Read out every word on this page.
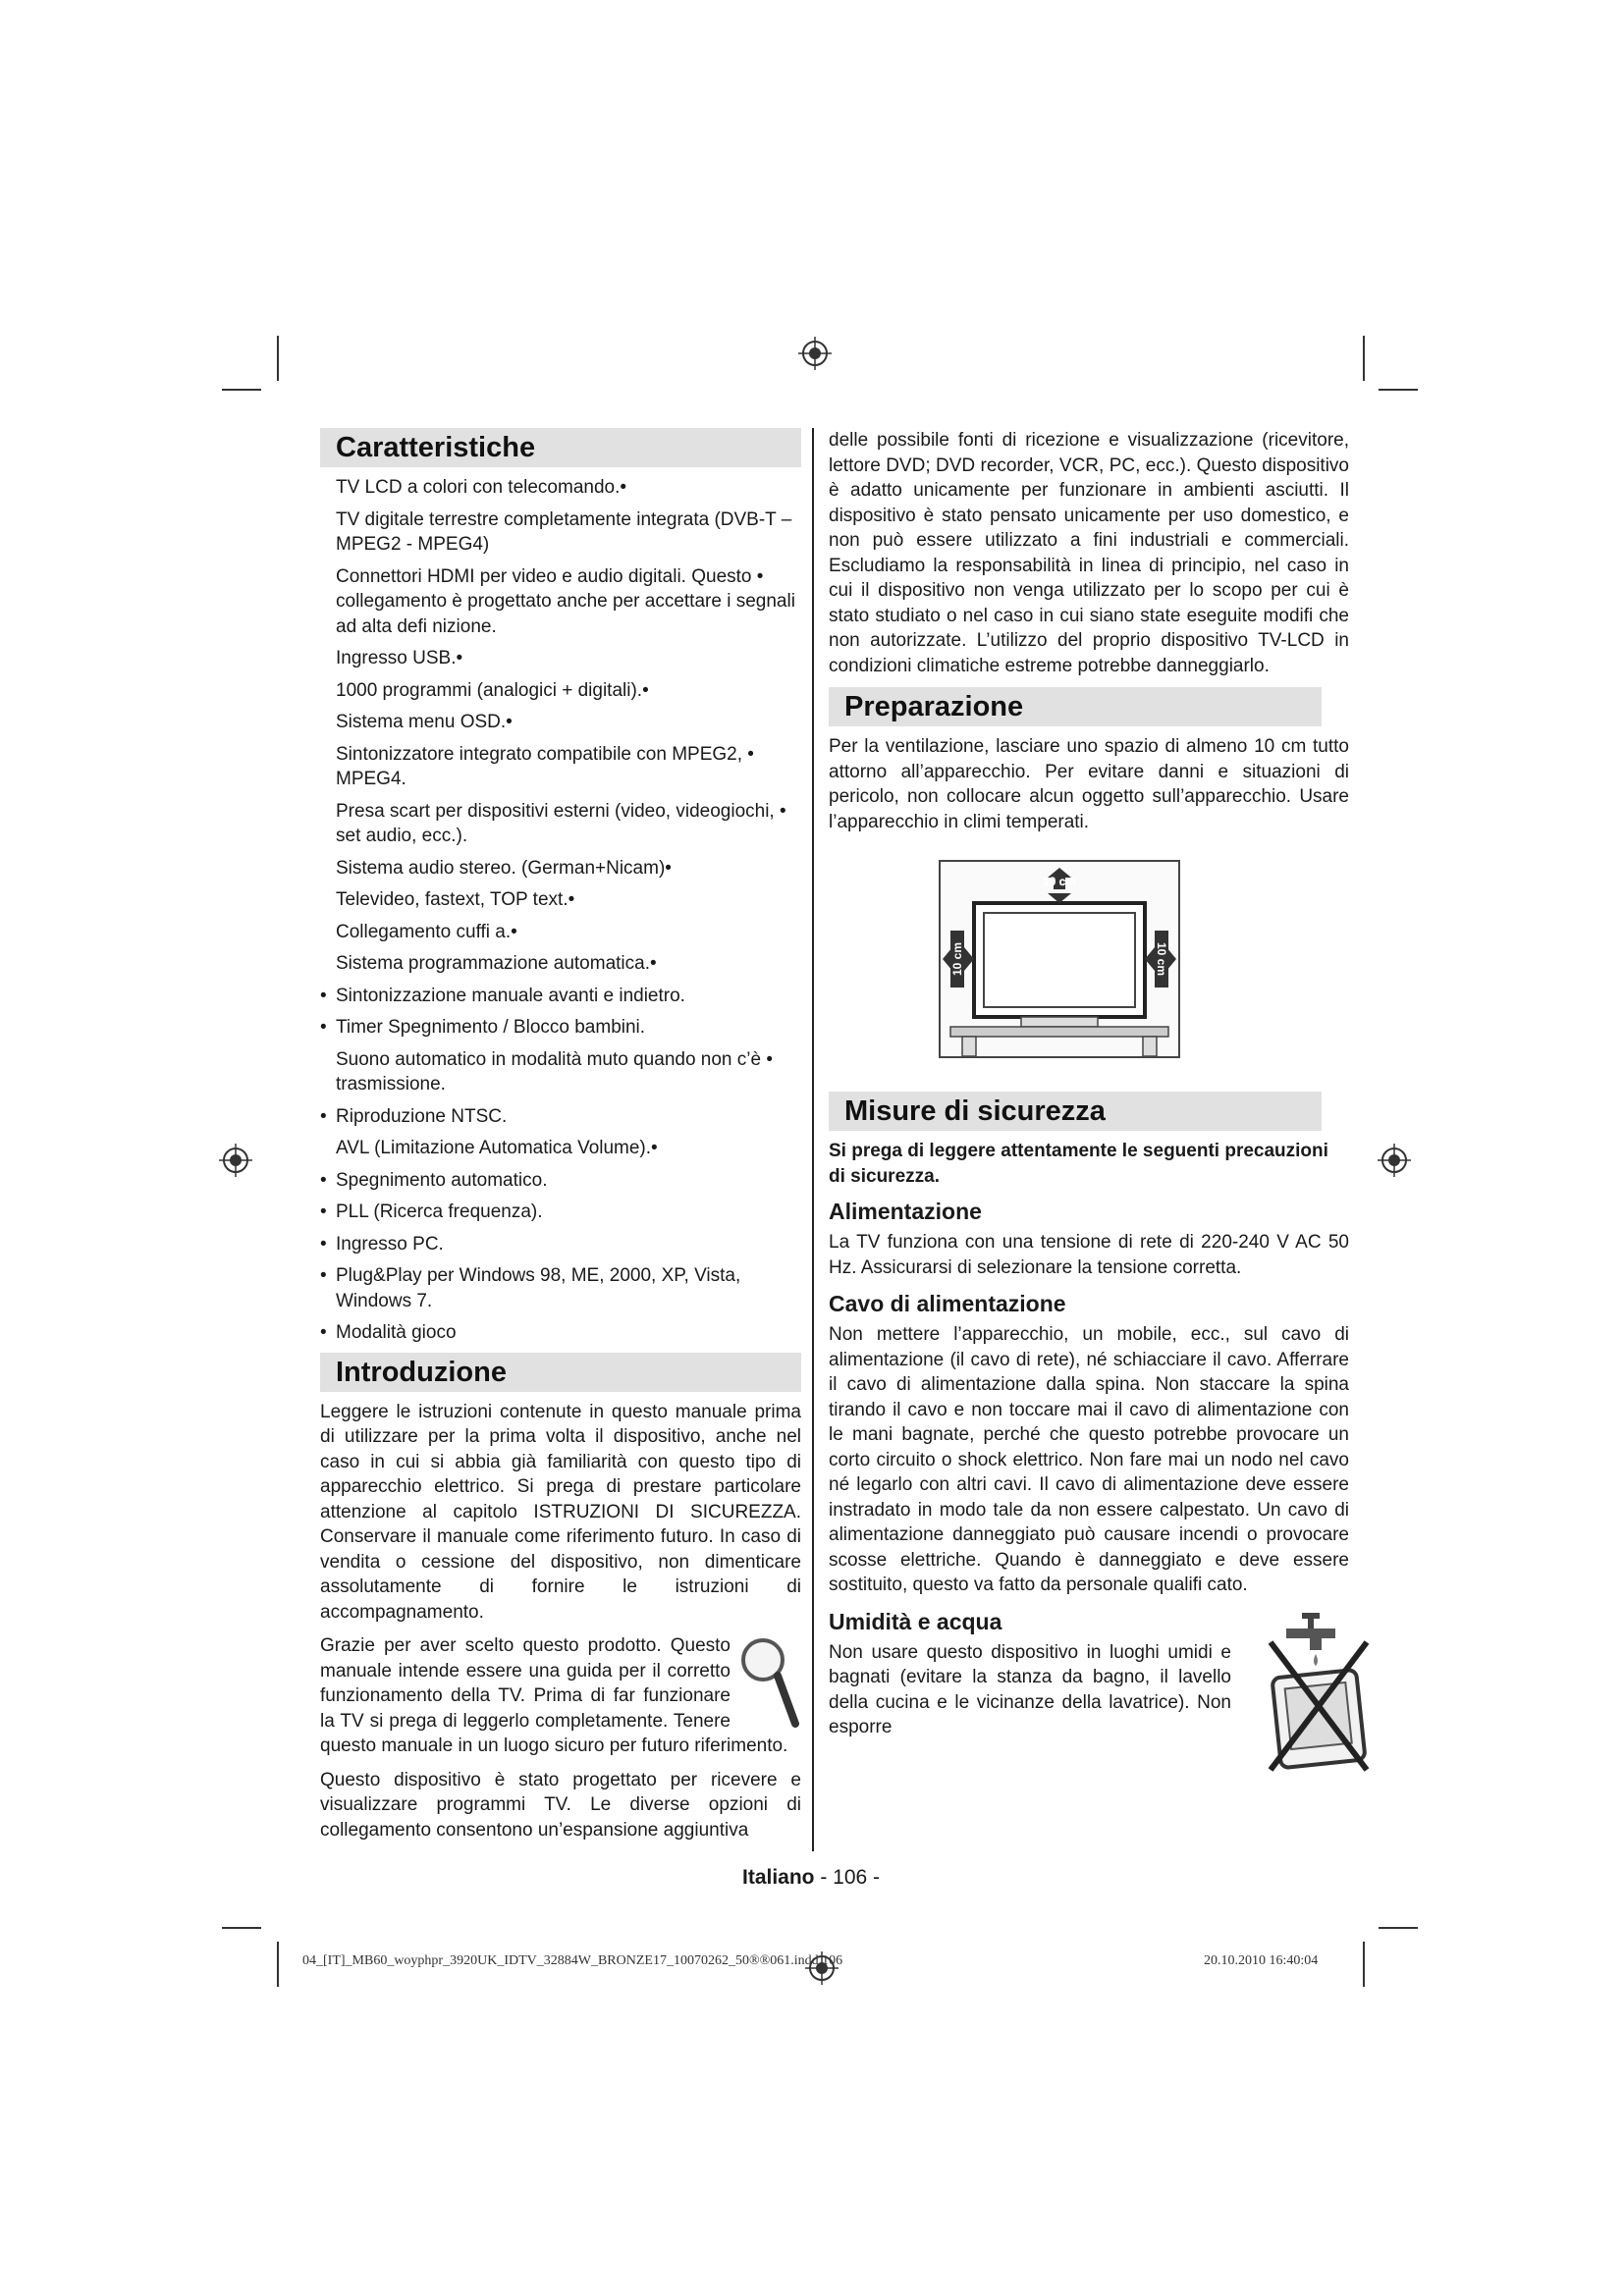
Caratteristiche

TV LCD a colori con telecomando.•

TV digitale terrestre completamente integrata (DVB-T – MPEG2 - MPEG4)

Connettori HDMI per video e audio digitali. Questo • collegamento è progettato anche per accettare i segnali ad alta defi nizione.

Ingresso USB.•

1000 programmi (analogici + digitali).•

Sistema menu OSD.•

Sintonizzatore integrato compatibile con MPEG2, • MPEG4.

Presa scart per dispositivi esterni (video, videogiochi, • set audio, ecc.).

Sistema audio stereo. (German+Nicam)•

Televideo, fastext, TOP text.•

Collegamento cuffi a.•

Sistema programmazione automatica.•

• Sintonizzazione manuale avanti e indietro.

• Timer Spegnimento / Blocco bambini.

Suono automatico in modalità muto quando non c’è • trasmissione.

• Riproduzione NTSC.

AVL (Limitazione Automatica Volume).•

• Spegnimento automatico.

• PLL (Ricerca frequenza).

• Ingresso PC.

• Plug&Play per Windows 98, ME, 2000, XP, Vista, Windows 7.

• Modalità gioco

Introduzione

Leggere le istruzioni contenute in questo manuale prima di utilizzare per la prima volta il dispositivo, anche nel caso in cui si abbia già familiarità con questo tipo di apparecchio elettrico. Si prega di prestare particolare attenzione al capitolo ISTRUZIONI DI SICUREZZA. Conservare il manuale come riferimento futuro. In caso di vendita o cessione del dispositivo, non dimenticare assolutamente di fornire le istruzioni di accompagnamento.

Grazie per aver scelto questo prodotto. Questo manuale intende essere una guida per il corretto funzionamento della TV. Prima di far funzionare la TV si prega di leggerlo completamente. Tenere questo manuale in un luogo sicuro per futuro riferimento.

Questo dispositivo è stato progettato per ricevere e visualizzare programmi TV. Le diverse opzioni di collegamento consentono un’espansione aggiuntiva

delle possibile fonti di ricezione e visualizzazione (ricevitore, lettore DVD; DVD recorder, VCR, PC, ecc.). Questo dispositivo è adatto unicamente per funzionare in ambienti asciutti. Il dispositivo è stato pensato unicamente per uso domestico, e non può essere utilizzato a fini industriali e commerciali. Escludiamo la responsabilità in linea di principio, nel caso in cui il dispositivo non venga utilizzato per lo scopo per cui è stato studiato o nel caso in cui siano state eseguite modifi che non autorizzate. L’utilizzo del proprio dispositivo TV-LCD in condizioni climatiche estreme potrebbe danneggiarlo.

Preparazione

Per la ventilazione, lasciare uno spazio di almeno 10 cm tutto attorno all’apparecchio. Per evitare danni e situazioni di pericolo, non collocare alcun oggetto sull’apparecchio. Usare l’apparecchio in climi temperati.

10 cm
10 cm	10 cm
Misure di sicurezza

Si prega di leggere attentamente le seguenti precauzioni di sicurezza.

Alimentazione

La TV funziona con una tensione di rete di 220-240 V AC 50 Hz. Assicurarsi di selezionare la tensione corretta.

Cavo di alimentazione

Non mettere l’apparecchio, un mobile, ecc., sul cavo di alimentazione (il cavo di rete), né schiacciare il cavo. Afferrare il cavo di alimentazione dalla spina. Non staccare la spina tirando il cavo e non toccare mai il cavo di alimentazione con le mani bagnate, perché che questo potrebbe provocare un corto circuito o shock elettrico. Non fare mai un nodo nel cavo né legarlo con altri cavi. Il cavo di alimentazione deve essere instradato in modo tale da non essere calpestato. Un cavo di alimentazione danneggiato può causare incendi o provocare scosse elettriche. Quando è danneggiato e deve essere sostituito, questo va fatto da personale qualifi cato.

Umidità e acqua

Non usare questo dispositivo in luoghi umidi e bagnati (evitare la stanza da bagno, il lavello della cucina e le vicinanze della lavatrice). Non esporre

Italiano - 106 -
04_[IT]_MB60_woyphpr_3920UK_IDTV_32884W_BRONZE17_10070262_50®®061.indd 106	20.10.2010 16:40:04
